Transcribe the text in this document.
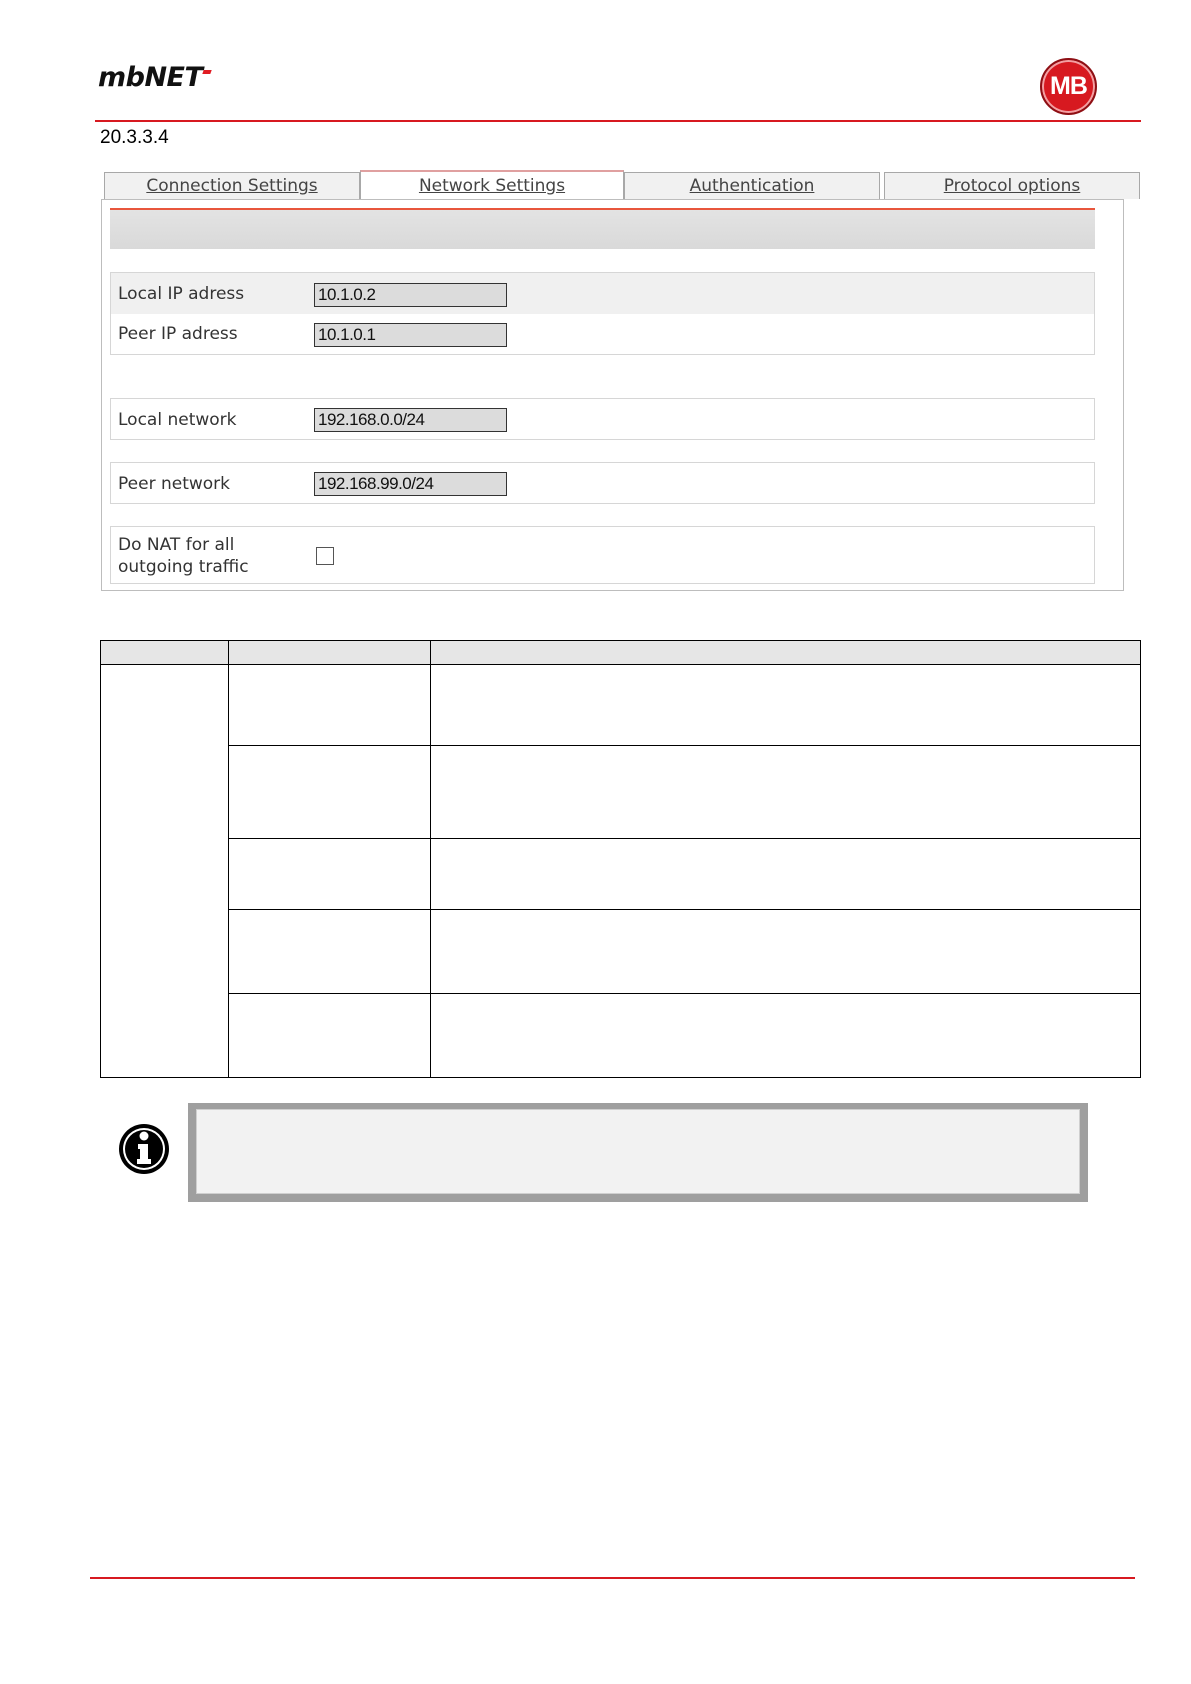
mbNET	MB
20.3.3.4
Connection Settings	Network Settings	Authentication	Protocol options
Local IP adress	10.1.0.2
Peer IP adress	10.1.0.1
Local network	192.168.0.0/24
Peer network	192.168.99.0/24
Do NAT for all
outgoing traffic
